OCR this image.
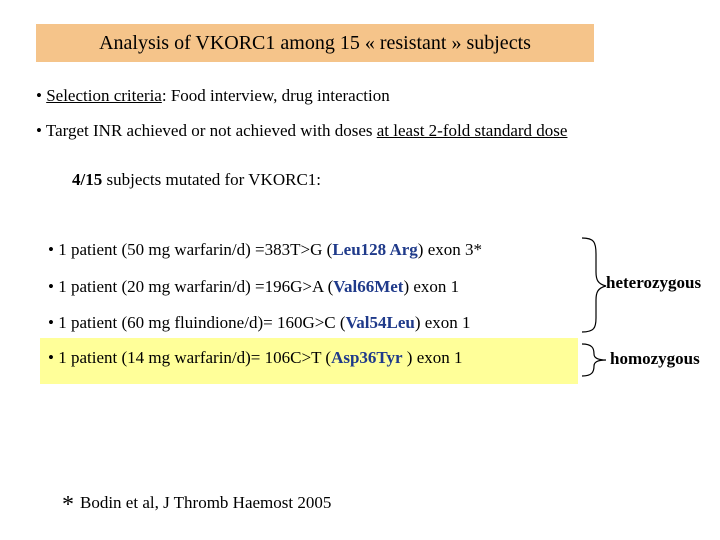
Analysis of VKORC1 among 15 « resistant » subjects
• Selection criteria: Food interview, drug interaction
• Target INR achieved or not achieved with doses at least 2-fold standard dose
4/15 subjects mutated for VKORC1:
• 1 patient (50 mg warfarin/d) =383T>G (Leu128 Arg) exon 3*
• 1 patient (20 mg warfarin/d) =196G>A (Val66Met) exon 1
• 1 patient (60 mg fluindione/d)= 160G>C (Val54Leu) exon 1
• 1 patient (14 mg warfarin/d)= 106C>T (Asp36Tyr ) exon 1
heterozygous
homozygous
* Bodin et al, J Thromb Haemost 2005
